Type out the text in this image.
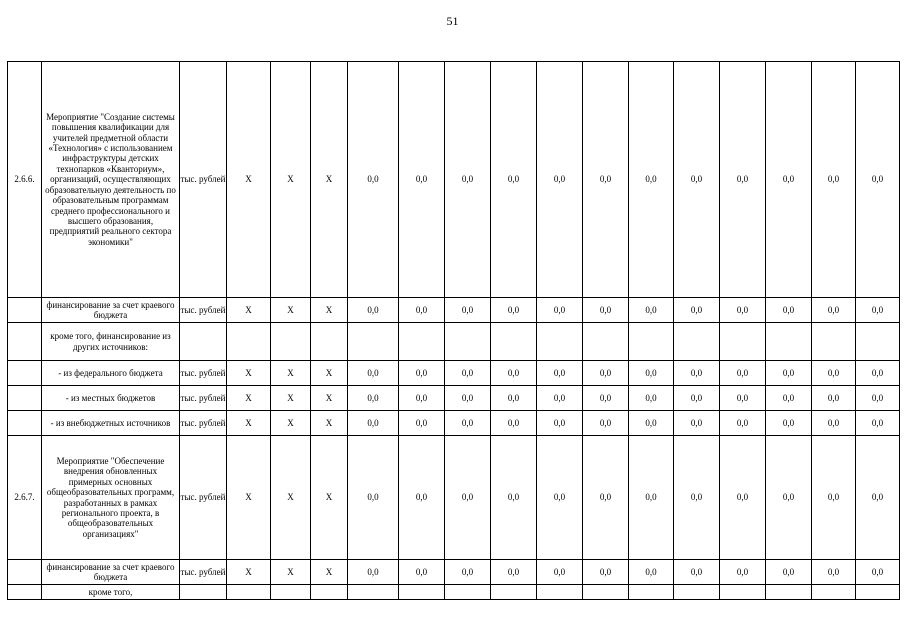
51
2.6.6.	Мероприятие "Создание системы повышения квалификации для учителей предметной области «Технология» с использованием инфраструктуры детских технопарков «Кванториум», организаций, осуществляющих образовательную деятельность по образовательным программам среднего профессионального и высшего образования, предприятий реального сектора экономики"	тыс. рублей	X	X	X	0,0	0,0	0,0	0,0	0,0	0,0	0,0	0,0	0,0	0,0	0,0	0,0

	финансирование за счет краевого бюджета	тыс. рублей	X	X	X	0,0	0,0	0,0	0,0	0,0	0,0	0,0	0,0	0,0	0,0	0,0	0,0

	кроме того, финансирование из других источников:																

	- из федерального бюджета	тыс. рублей	X	X	X	0,0	0,0	0,0	0,0	0,0	0,0	0,0	0,0	0,0	0,0	0,0	0,0

	- из местных бюджетов	тыс. рублей	X	X	X	0,0	0,0	0,0	0,0	0,0	0,0	0,0	0,0	0,0	0,0	0,0	0,0

	- из внебюджетных источников	тыс. рублей	X	X	X	0,0	0,0	0,0	0,0	0,0	0,0	0,0	0,0	0,0	0,0	0,0	0,0
2.6.7.	Мероприятие "Обеспечение внедрения обновленных примерных основных общеобразовательных программ, разработанных в рамках регионального проекта, в общеобразовательных организациях"	тыс. рублей	X	X	X	0,0	0,0	0,0	0,0	0,0	0,0	0,0	0,0	0,0	0,0	0,0	0,0

	финансирование за счет краевого бюджета	тыс. рублей	X	X	X	0,0	0,0	0,0	0,0	0,0	0,0	0,0	0,0	0,0	0,0	0,0	0,0

	кроме того,																
